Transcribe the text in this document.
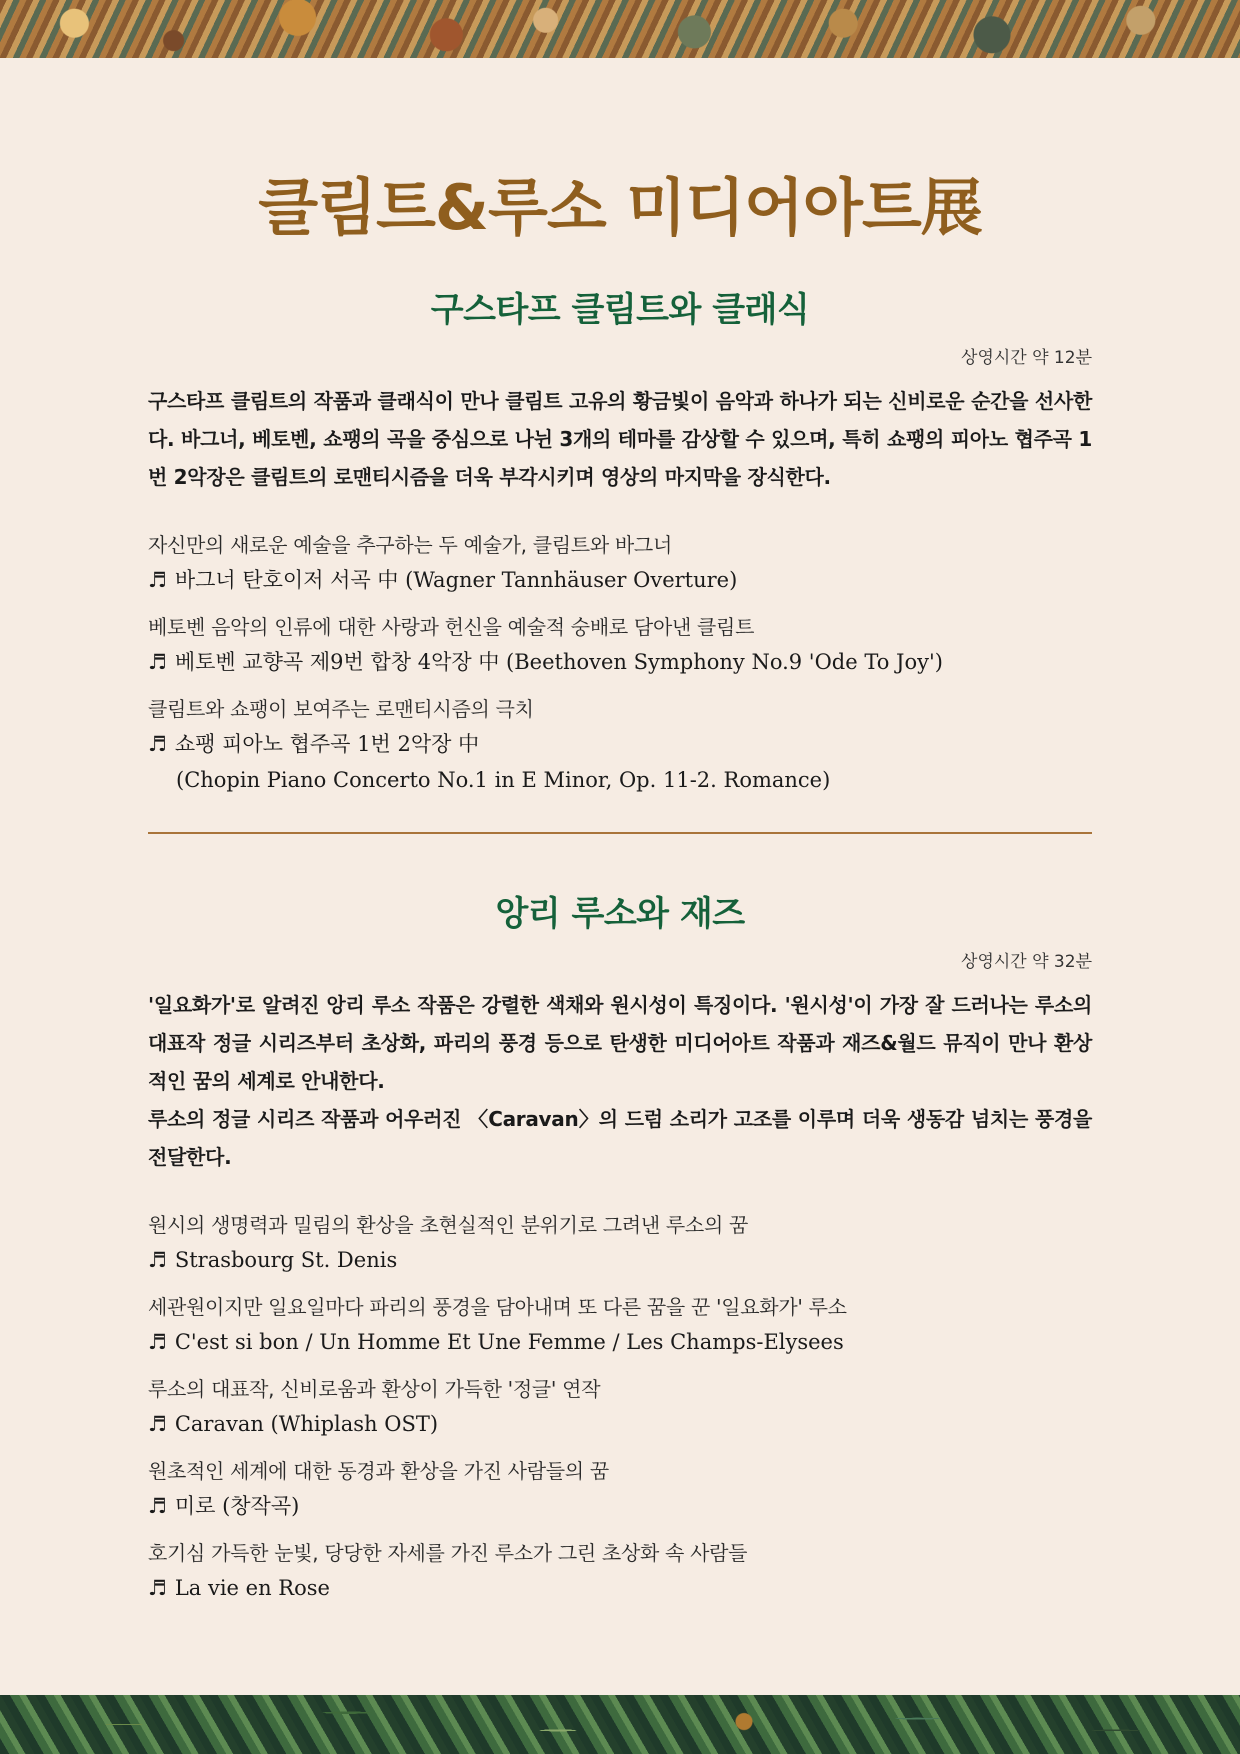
클림트&루소 미디어아트展
구스타프 클림트와 클래식
상영시간 약 12분
구스타프 클림트의 작품과 클래식이 만나 클림트 고유의 황금빛이 음악과 하나가 되는 신비로운 순간을 선사한다. 바그너, 베토벤, 쇼팽의 곡을 중심으로 나뉜 3개의 테마를 감상할 수 있으며, 특히 쇼팽의 피아노 협주곡 1번 2악장은 클림트의 로맨티시즘을 더욱 부각시키며 영상의 마지막을 장식한다.
자신만의 새로운 예술을 추구하는 두 예술가, 클림트와 바그너
♬ 바그너 탄호이저 서곡 中 (Wagner Tannhäuser Overture)
베토벤 음악의 인류에 대한 사랑과 헌신을 예술적 숭배로 담아낸 클림트
♬ 베토벤 교향곡 제9번 합창 4악장 中 (Beethoven Symphony No.9 'Ode To Joy')
클림트와 쇼팽이 보여주는 로맨티시즘의 극치
♬ 쇼팽 피아노 협주곡 1번 2악장 中
(Chopin Piano Concerto No.1 in E Minor, Op. 11-2. Romance)
앙리 루소와 재즈
상영시간 약 32분
'일요화가'로 알려진 앙리 루소 작품은 강렬한 색채와 원시성이 특징이다. '원시성'이 가장 잘 드러나는 루소의 대표작 정글 시리즈부터 초상화, 파리의 풍경 등으로 탄생한 미디어아트 작품과 재즈&월드 뮤직이 만나 환상적인 꿈의 세계로 안내한다.
루소의 정글 시리즈 작품과 어우러진 〈Caravan〉의 드럼 소리가 고조를 이루며 더욱 생동감 넘치는 풍경을 전달한다.
원시의 생명력과 밀림의 환상을 초현실적인 분위기로 그려낸 루소의 꿈
♬ Strasbourg St. Denis
세관원이지만 일요일마다 파리의 풍경을 담아내며 또 다른 꿈을 꾼 '일요화가' 루소
♬ C'est si bon / Un Homme Et Une Femme / Les Champs-Elysees
루소의 대표작, 신비로움과 환상이 가득한 '정글' 연작
♬ Caravan (Whiplash OST)
원초적인 세계에 대한 동경과 환상을 가진 사람들의 꿈
♬ 미로 (창작곡)
호기심 가득한 눈빛, 당당한 자세를 가진 루소가 그린 초상화 속 사람들
♬ La vie en Rose
